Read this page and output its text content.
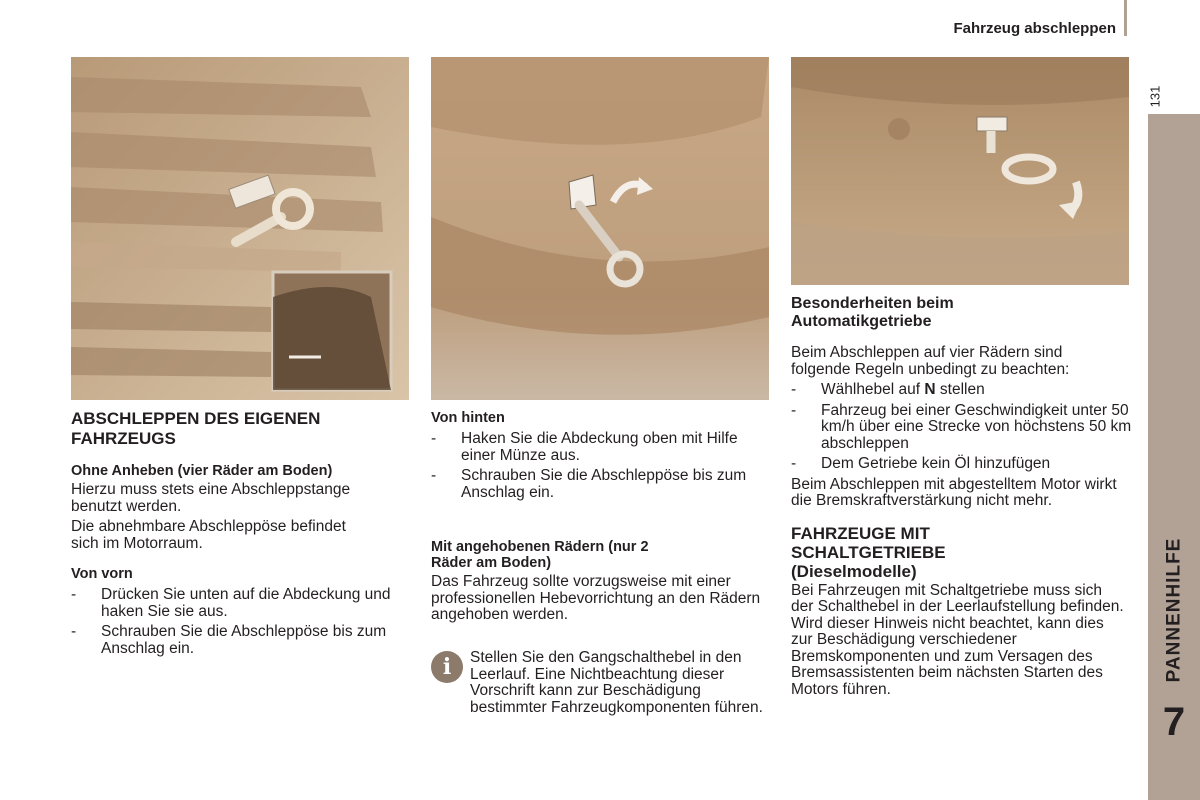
Fahrzeug abschleppen
131
PANNENHILFE
7
ABSCHLEPPEN DES EIGENEN FAHRZEUGS
Ohne Anheben (vier Räder am Boden)

Hierzu muss stets eine Abschleppstange benutzt werden.

Die abnehmbare Abschleppöse befindet sich im Motorraum.

Von vorn
- Drücken Sie unten auf die Abdeckung und haken Sie sie aus.
- Schrauben Sie die Abschleppöse bis zum Anschlag ein.
Von hinten
- Haken Sie die Abdeckung oben mit Hilfe einer Münze aus.
- Schrauben Sie die Abschleppöse bis zum Anschlag ein.
Mit angehobenen Rädern (nur 2 Räder am Boden)

Das Fahrzeug sollte vorzugsweise mit einer professionellen Hebevorrichtung an den Rädern angehoben werden.

i	Stellen Sie den Gangschalthebel in den Leerlauf. Eine Nichtbeachtung dieser Vorschrift kann zur Beschädigung bestimmter Fahrzeugkomponenten führen.
Besonderheiten beim Automatikgetriebe

Beim Abschleppen auf vier Rädern sind folgende Regeln unbedingt zu beachten:

- Wählhebel auf N stellen
- Fahrzeug bei einer Geschwindigkeit unter 50 km/h über eine Strecke von höchstens 50 km abschleppen
- Dem Getriebe kein Öl hinzufügen

Beim Abschleppen mit abgestelltem Motor wirkt die Bremskraftverstärkung nicht mehr.

FAHRZEUGE MIT SCHALTGETRIEBE (Dieselmodelle)

Bei Fahrzeugen mit Schaltgetriebe muss sich der Schalthebel in der Leerlaufstellung befinden. Wird dieser Hinweis nicht beachtet, kann dies zur Beschädigung verschiedener Bremskomponenten und zum Versagen des Bremsassistenten beim nächsten Starten des Motors führen.
